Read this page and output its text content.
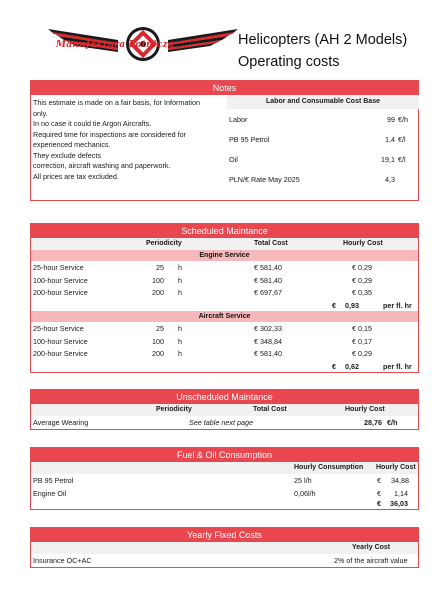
Manufaktura Lotnicza	Helicopters (AH 2 Models)
Operating costs
Notes
This estimate is made on a fair basis, for Information
only.
In no case it could tie Argon Aircrafts.
Required time for inspections are considered for
experienced mechanics.
They exclude defects
correction, aircraft washing and paperwork.
All prices are tax excluded.
Labor and Consumable Cost Base
Labor	99 €/h
PB 95 Petrol	1,4 €/l
Oil	19,1 €/l
PLN/€ Rate May 2025	4,3
Scheduled Maintance
Periodicity	Total Cost	Hourly Cost
Engine Service
25-hour Service	25 h	€ 581,40	€ 0,29
100-hour Service	100 h	€ 581,40	€ 0,29
200-hour Service	200 h	€ 697,67	€ 0,35
€ 0,93	per fl. hr
Aircraft Service
25-hour Service	25 h	€ 302,33	€ 0,15
100-hour Service	100 h	€ 348,84	€ 0,17
200-hour Service	200 h	€ 581,40	€ 0,29
€ 0,62	per fl. hr
Unscheduled Maintance
Periodicity	Total Cost	Hourly Cost
Average Wearing	See table next page	28,76 €/h
Fuel & Oil Consumption
Hourly Consumption Hourly Cost
PB 95 Petrol	25 l/h	€ 34,88
Engine Oil	0,06l/h	€ 1,14
€ 36,03
Yearly Fixed Costs
Yearly Cost
Insurance OC+AC	2% of the aircraft value
